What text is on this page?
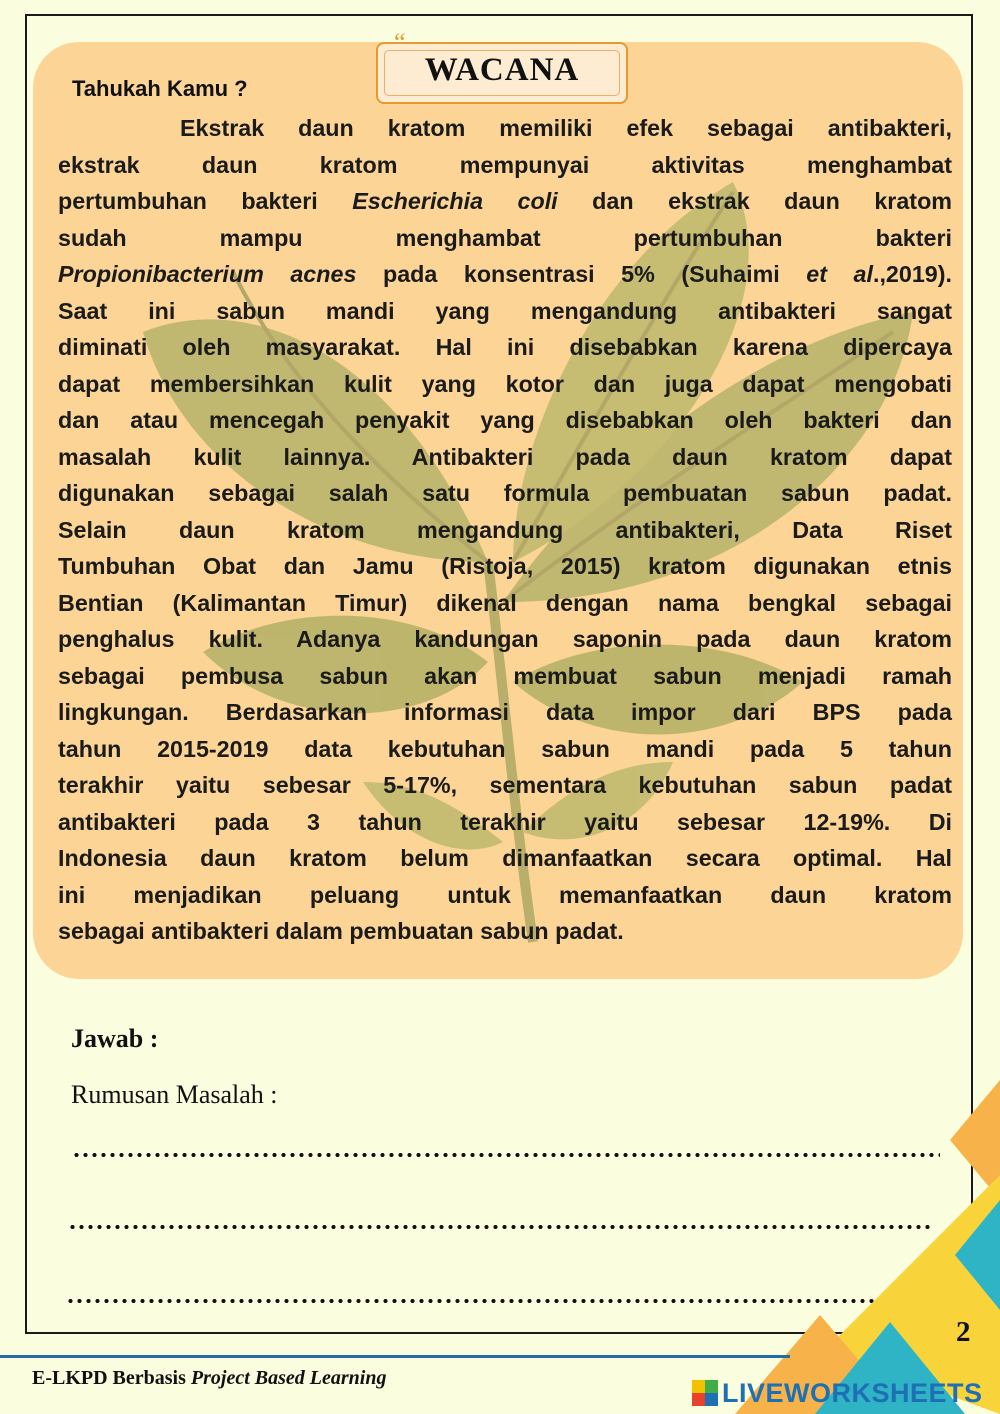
WACANA
“
Tahukah Kamu ?
Ekstrak daun kratom memiliki efek sebagai antibakteri,
ekstrak daun kratom mempunyai aktivitas menghambat
pertumbuhan bakteri Escherichia coli dan ekstrak daun kratom
sudah mampu menghambat pertumbuhan bakteri
Propionibacterium acnes pada konsentrasi 5% (Suhaimi et al.,2019).
Saat ini sabun mandi yang mengandung antibakteri sangat
diminati oleh masyarakat. Hal ini disebabkan karena dipercaya
dapat membersihkan kulit yang kotor dan juga dapat mengobati
dan atau mencegah penyakit yang disebabkan oleh bakteri dan
masalah kulit lainnya. Antibakteri pada daun kratom dapat
digunakan sebagai salah satu formula pembuatan sabun padat.
Selain daun kratom mengandung antibakteri, Data Riset
Tumbuhan Obat dan Jamu (Ristoja, 2015) kratom digunakan etnis
Bentian (Kalimantan Timur) dikenal dengan nama bengkal sebagai
penghalus kulit. Adanya kandungan saponin pada daun kratom
sebagai pembusa sabun akan membuat sabun menjadi ramah
lingkungan. Berdasarkan informasi data impor dari BPS pada
tahun 2015-2019 data kebutuhan sabun mandi pada 5 tahun
terakhir yaitu sebesar 5-17%, sementara kebutuhan sabun padat
antibakteri pada 3 tahun terakhir yaitu sebesar 12-19%. Di
Indonesia daun kratom belum dimanfaatkan secara optimal. Hal
ini menjadikan peluang untuk memanfaatkan daun kratom
sebagai antibakteri dalam pembuatan sabun padat.
Jawab :
Rumusan Masalah :
2
E-LKPD Berbasis Project Based Learning	LIVEWORKSHEETS
